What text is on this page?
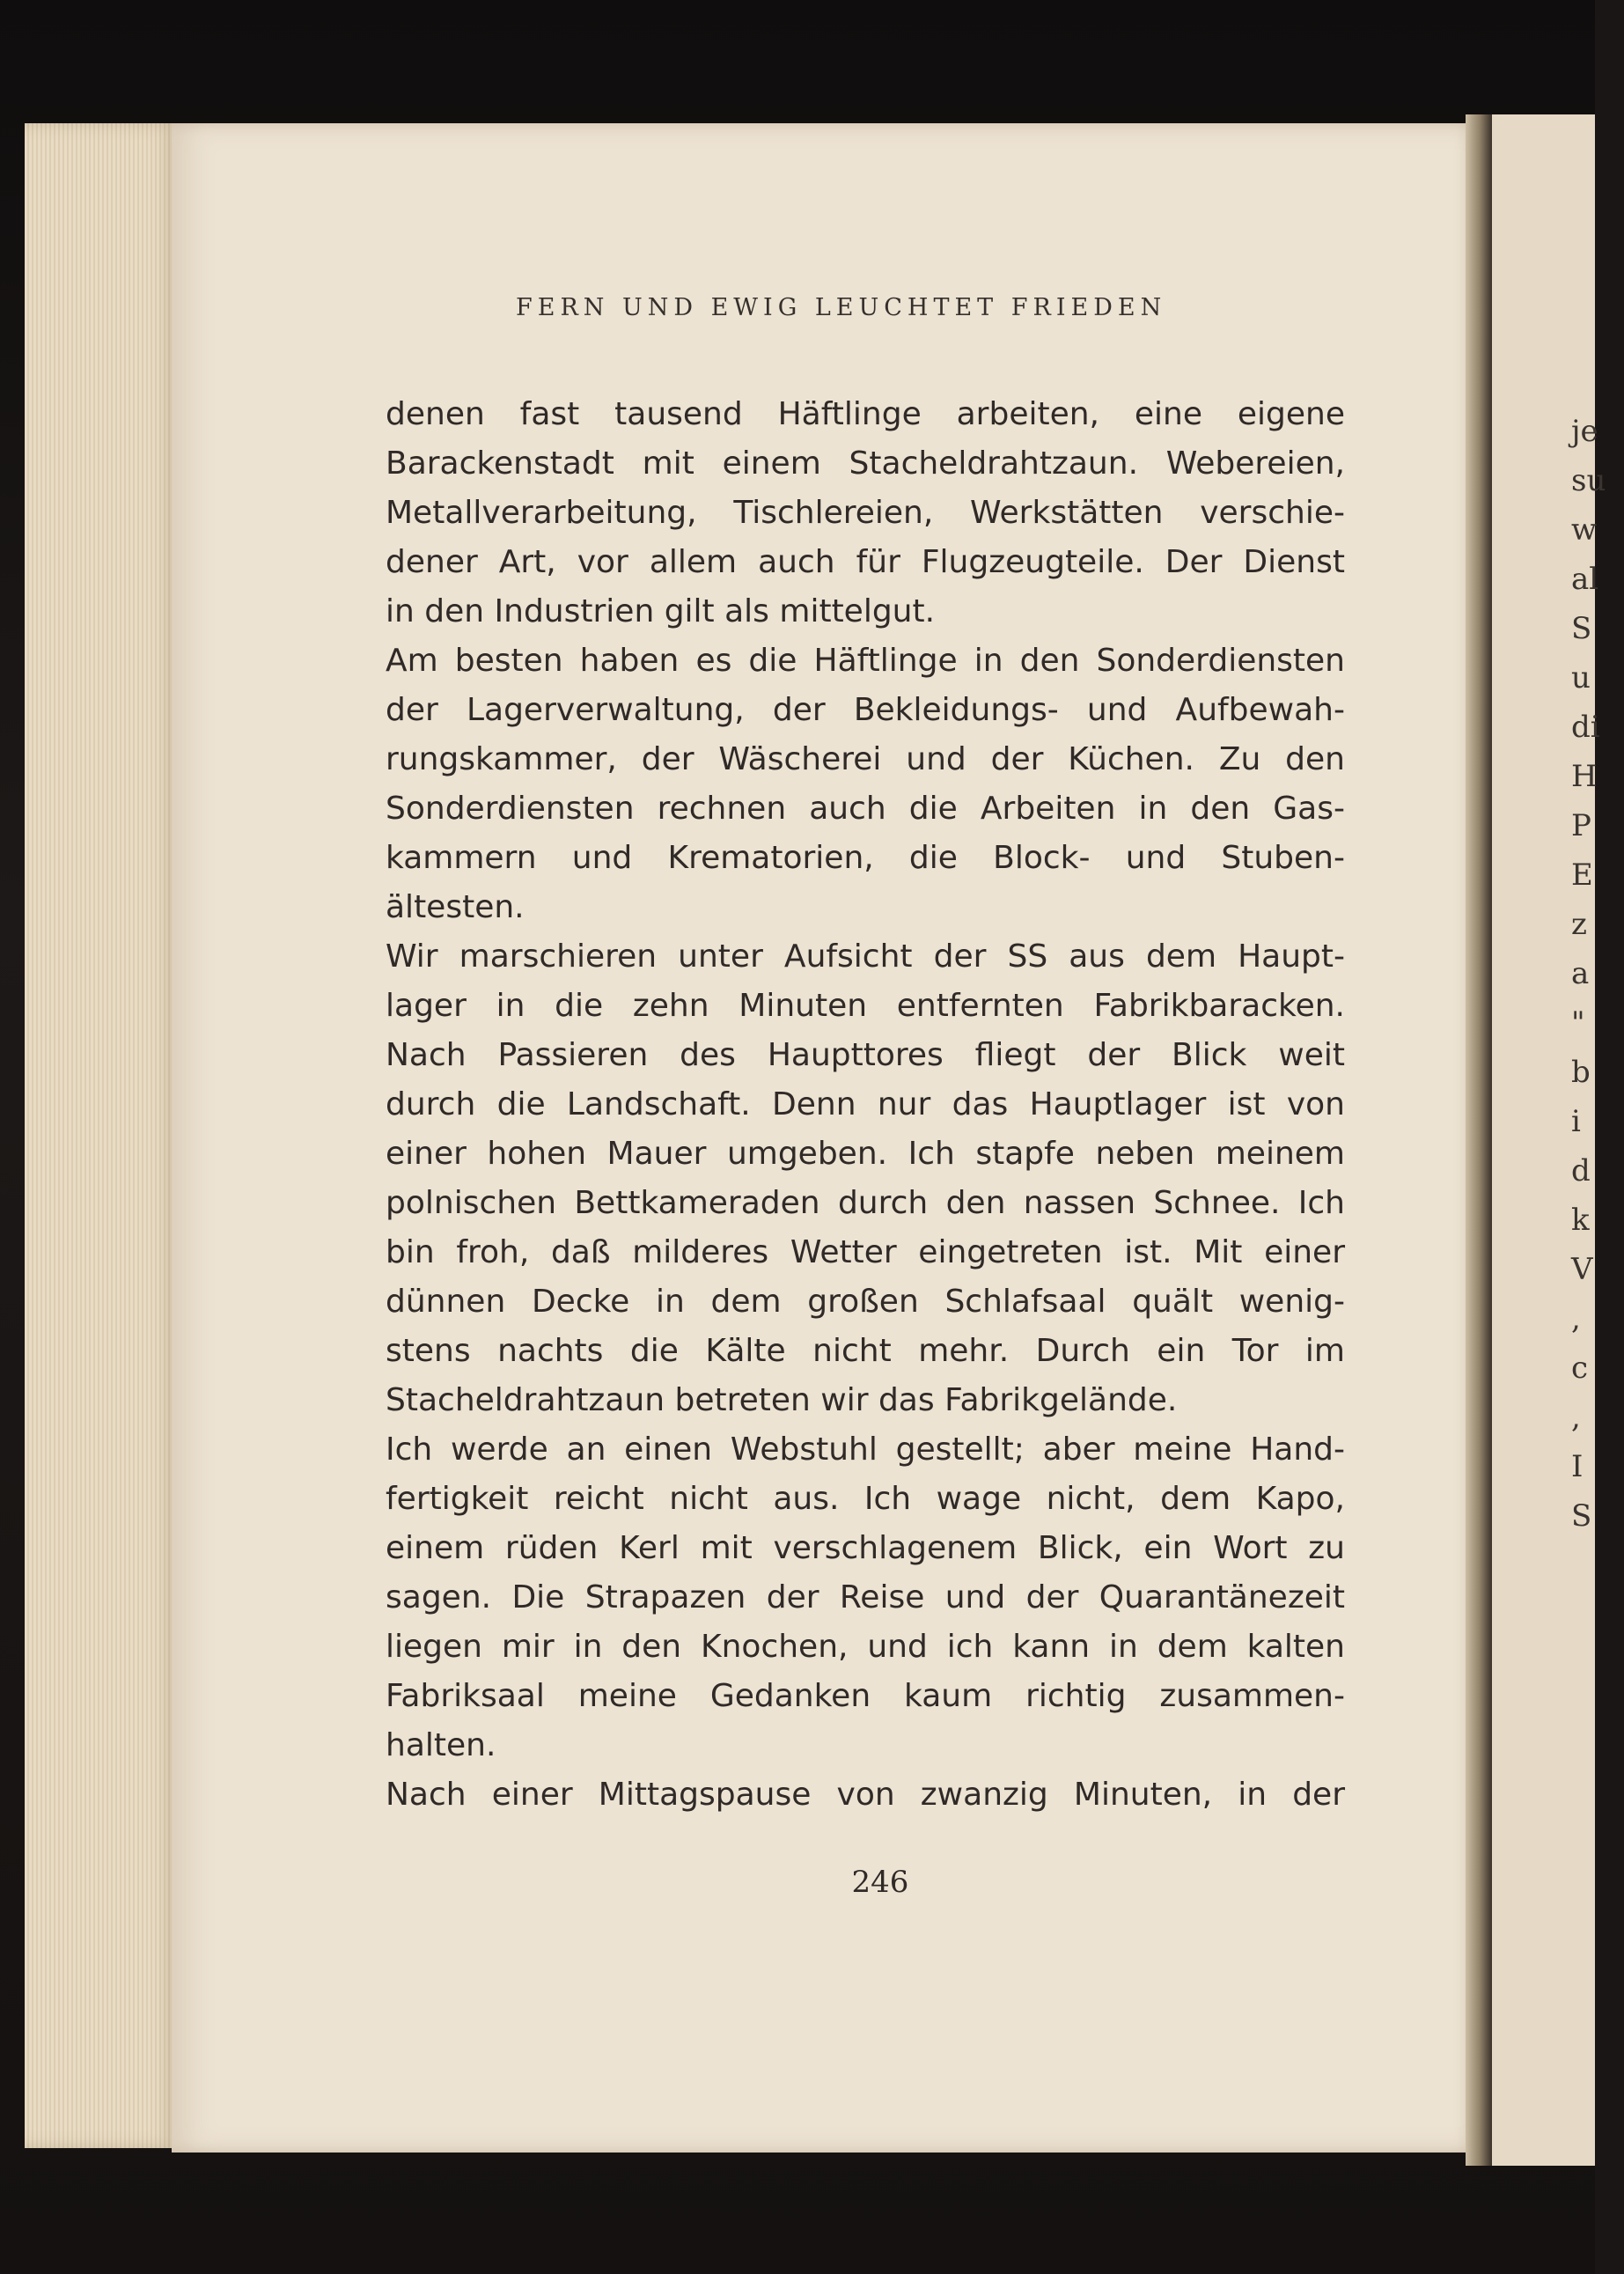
FERN UND EWIG LEUCHTET FRIEDEN
denen fast tausend Häftlinge arbeiten, eine eigene
Barackenstadt mit einem Stacheldrahtzaun. Webereien,
Metallverarbeitung, Tischlereien, Werkstätten verschie-
dener Art, vor allem auch für Flugzeugteile. Der Dienst
in den Industrien gilt als mittelgut.
Am besten haben es die Häftlinge in den Sonderdiensten
der Lagerverwaltung, der Bekleidungs- und Aufbewah-
rungskammer, der Wäscherei und der Küchen. Zu den
Sonderdiensten rechnen auch die Arbeiten in den Gas-
kammern und Krematorien, die Block- und Stuben-
ältesten.
Wir marschieren unter Aufsicht der SS aus dem Haupt-
lager in die zehn Minuten entfernten Fabrikbaracken.
Nach Passieren des Haupttores fliegt der Blick weit
durch die Landschaft. Denn nur das Hauptlager ist von
einer hohen Mauer umgeben. Ich stapfe neben meinem
polnischen Bettkameraden durch den nassen Schnee. Ich
bin froh, daß milderes Wetter eingetreten ist. Mit einer
dünnen Decke in dem großen Schlafsaal quält wenig-
stens nachts die Kälte nicht mehr. Durch ein Tor im
Stacheldrahtzaun betreten wir das Fabrikgelände.
Ich werde an einen Webstuhl gestellt; aber meine Hand-
fertigkeit reicht nicht aus. Ich wage nicht, dem Kapo,
einem rüden Kerl mit verschlagenem Blick, ein Wort zu
sagen. Die Strapazen der Reise und der Quarantänezeit
liegen mir in den Knochen, und ich kann in dem kalten
Fabriksaal meine Gedanken kaum richtig zusammen-
halten.
Nach einer Mittagspause von zwanzig Minuten, in der
246
je
su
w
al
S
u
di
H
P
E
z
a
"
b
i
d
k
V
,
c
,
I
S
